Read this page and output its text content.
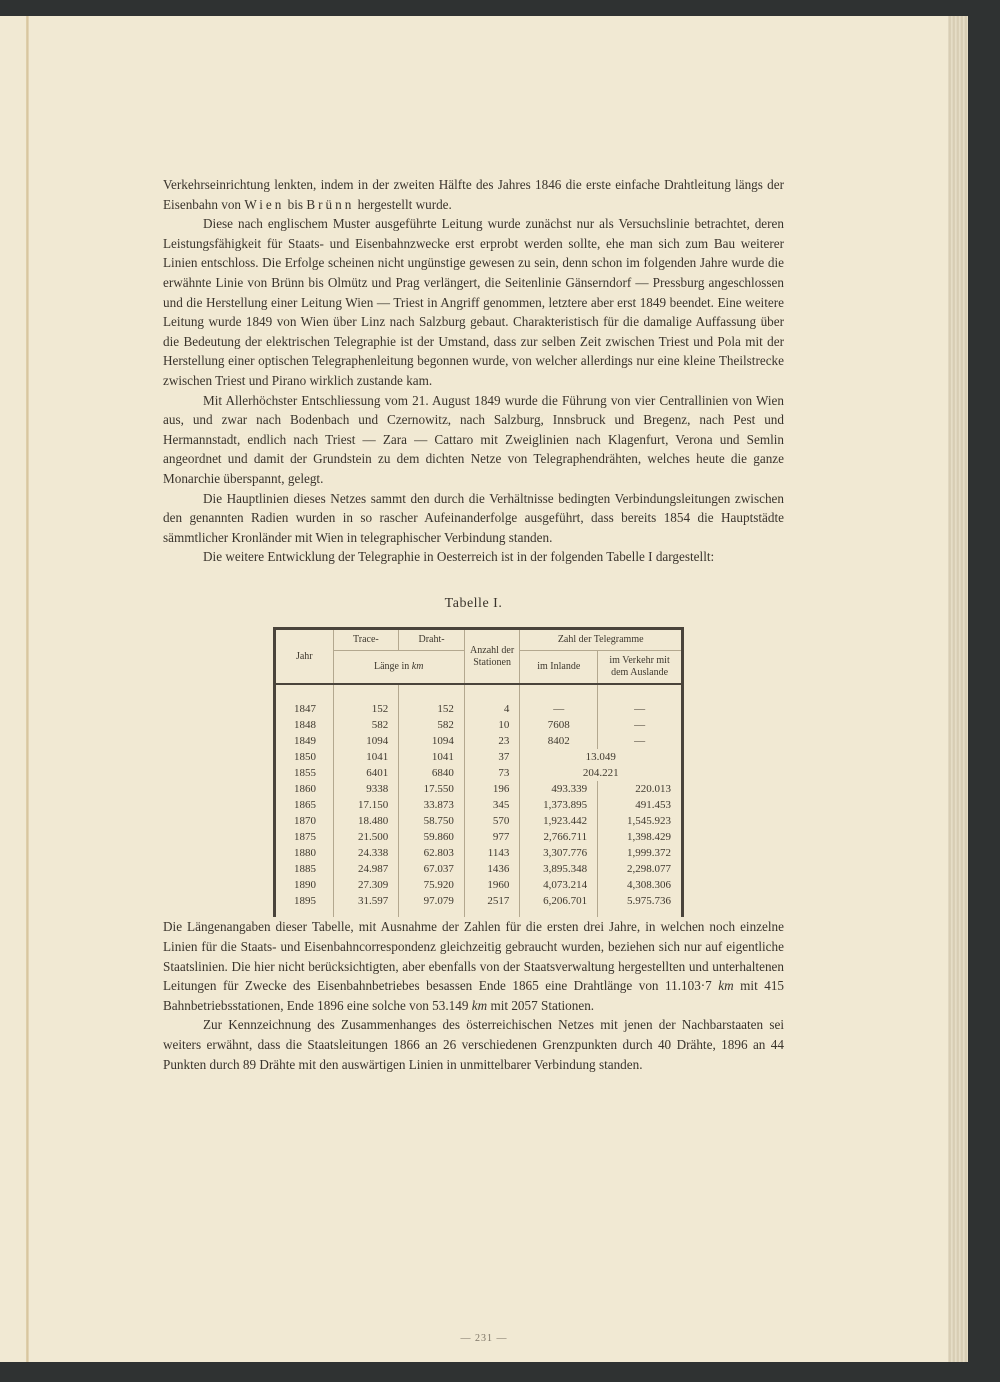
Verkehrseinrichtung lenkten, indem in der zweiten Hälfte des Jahres 1846 die erste einfache Drahtleitung längs der Eisenbahn von Wien bis Brünn hergestellt wurde.

Diese nach englischem Muster ausgeführte Leitung wurde zunächst nur als Versuchslinie betrachtet, deren Leistungsfähigkeit für Staats- und Eisenbahnzwecke erst erprobt werden sollte, ehe man sich zum Bau weiterer Linien entschloss. Die Erfolge scheinen nicht ungünstige gewesen zu sein, denn schon im folgenden Jahre wurde die erwähnte Linie von Brünn bis Olmütz und Prag verlängert, die Seitenlinie Gänserndorf — Pressburg angeschlossen und die Herstellung einer Leitung Wien — Triest in Angriff genommen, letztere aber erst 1849 beendet. Eine weitere Leitung wurde 1849 von Wien über Linz nach Salzburg gebaut. Charakteristisch für die damalige Auffassung über die Bedeutung der elektrischen Telegraphie ist der Umstand, dass zur selben Zeit zwischen Triest und Pola mit der Herstellung einer optischen Telegraphenleitung begonnen wurde, von welcher allerdings nur eine kleine Theilstrecke zwischen Triest und Pirano wirklich zustande kam.

Mit Allerhöchster Entschliessung vom 21. August 1849 wurde die Führung von vier Centrallinien von Wien aus, und zwar nach Bodenbach und Czernowitz, nach Salzburg, Innsbruck und Bregenz, nach Pest und Hermannstadt, endlich nach Triest — Zara — Cattaro mit Zweiglinien nach Klagenfurt, Verona und Semlin angeordnet und damit der Grundstein zu dem dichten Netze von Telegraphendrähten, welches heute die ganze Monarchie überspannt, gelegt.

Die Hauptlinien dieses Netzes sammt den durch die Verhältnisse bedingten Verbindungsleitungen zwischen den genannten Radien wurden in so rascher Aufeinanderfolge ausgeführt, dass bereits 1854 die Hauptstädte sämmtlicher Kronländer mit Wien in telegraphischer Verbindung standen.

Die weitere Entwicklung der Telegraphie in Oesterreich ist in der folgenden Tabelle I dargestellt:

Tabelle I.
Jahr	Trace-	Draht-	Anzahl der Stationen	Zahl der Telegramme	
	Länge in km			im Inlande	im Verkehr mit dem Auslande

1847	152	152	4	—	—
1848	582	582	10	7608	—
1849	1094	1094	23	8402	—
1850	1041	1041	37	13.049	
1855	6401	6840	73	204.221	
1860	9338	17.550	196	493.339	220.013
1865	17.150	33.873	345	1,373.895	491.453
1870	18.480	58.750	570	1,923.442	1,545.923
1875	21.500	59.860	977	2,766.711	1,398.429
1880	24.338	62.803	1143	3,307.776	1,999.372
1885	24.987	67.037	1436	3,895.348	2,298.077
1890	27.309	75.920	1960	4,073.214	4,308.306
1895	31.597	97.079	2517	6,206.701	5.975.736

Die Längenangaben dieser Tabelle, mit Ausnahme der Zahlen für die ersten drei Jahre, in welchen noch einzelne Linien für die Staats- und Eisenbahncorrespondenz gleichzeitig gebraucht wurden, beziehen sich nur auf eigentliche Staatslinien. Die hier nicht berücksichtigten, aber ebenfalls von der Staatsverwaltung hergestellten und unterhaltenen Leitungen für Zwecke des Eisenbahnbetriebes besassen Ende 1865 eine Drahtlänge von 11.103·7 km mit 415 Bahnbetriebsstationen, Ende 1896 eine solche von 53.149 km mit 2057 Stationen.

Zur Kennzeichnung des Zusammenhanges des österreichischen Netzes mit jenen der Nachbarstaaten sei weiters erwähnt, dass die Staatsleitungen 1866 an 26 verschiedenen Grenzpunkten durch 40 Drähte, 1896 an 44 Punkten durch 89 Drähte mit den auswärtigen Linien in unmittelbarer Verbindung standen.

— 231 —
